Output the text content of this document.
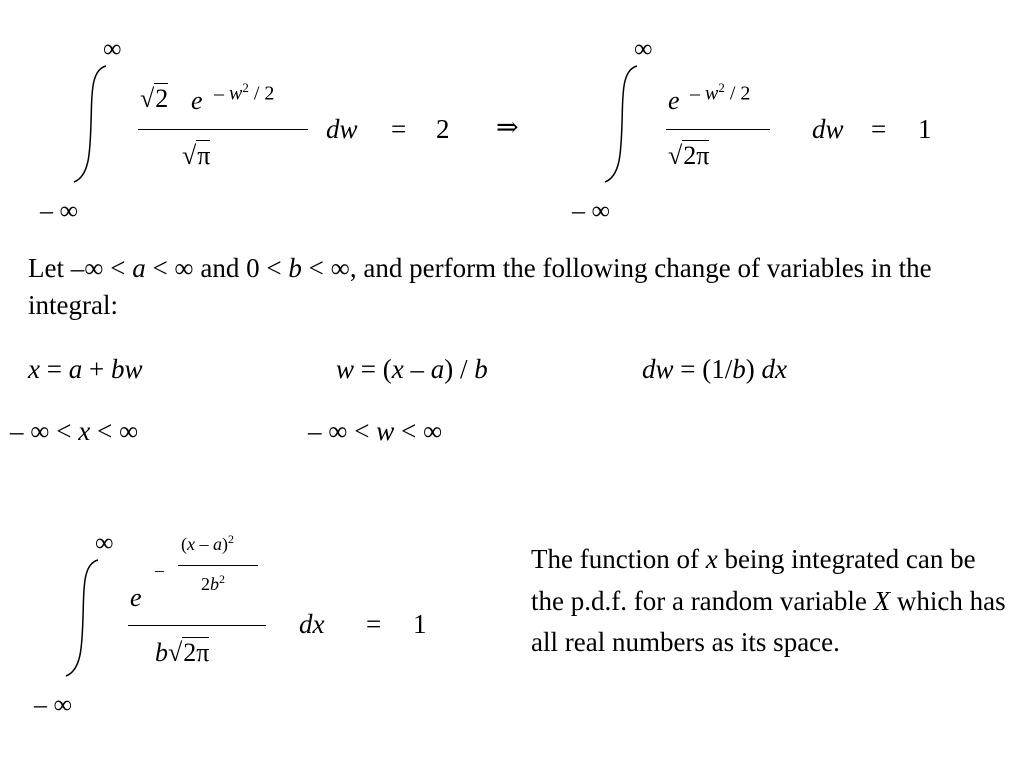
∞
– ∞
√2 e – $w^2 / 2$
√π
dw = 2 ⇒
∞
– ∞
e – $w^2 / 2$
√2π
dw = 1
Let –∞ < a < ∞ and 0 < b < ∞, and perform the following change of variables in the integral:
x = a + bw	w = (x – a) / b	dw = (1/b) dx
– ∞ < x < ∞	– ∞ < w < ∞
∞
– ∞
e
–
(x – a)$^2$
$2b^2$
b√2π
dx = 1
The function of x being integrated can be the p.d.f. for a random variable X which has all real numbers as its space.
